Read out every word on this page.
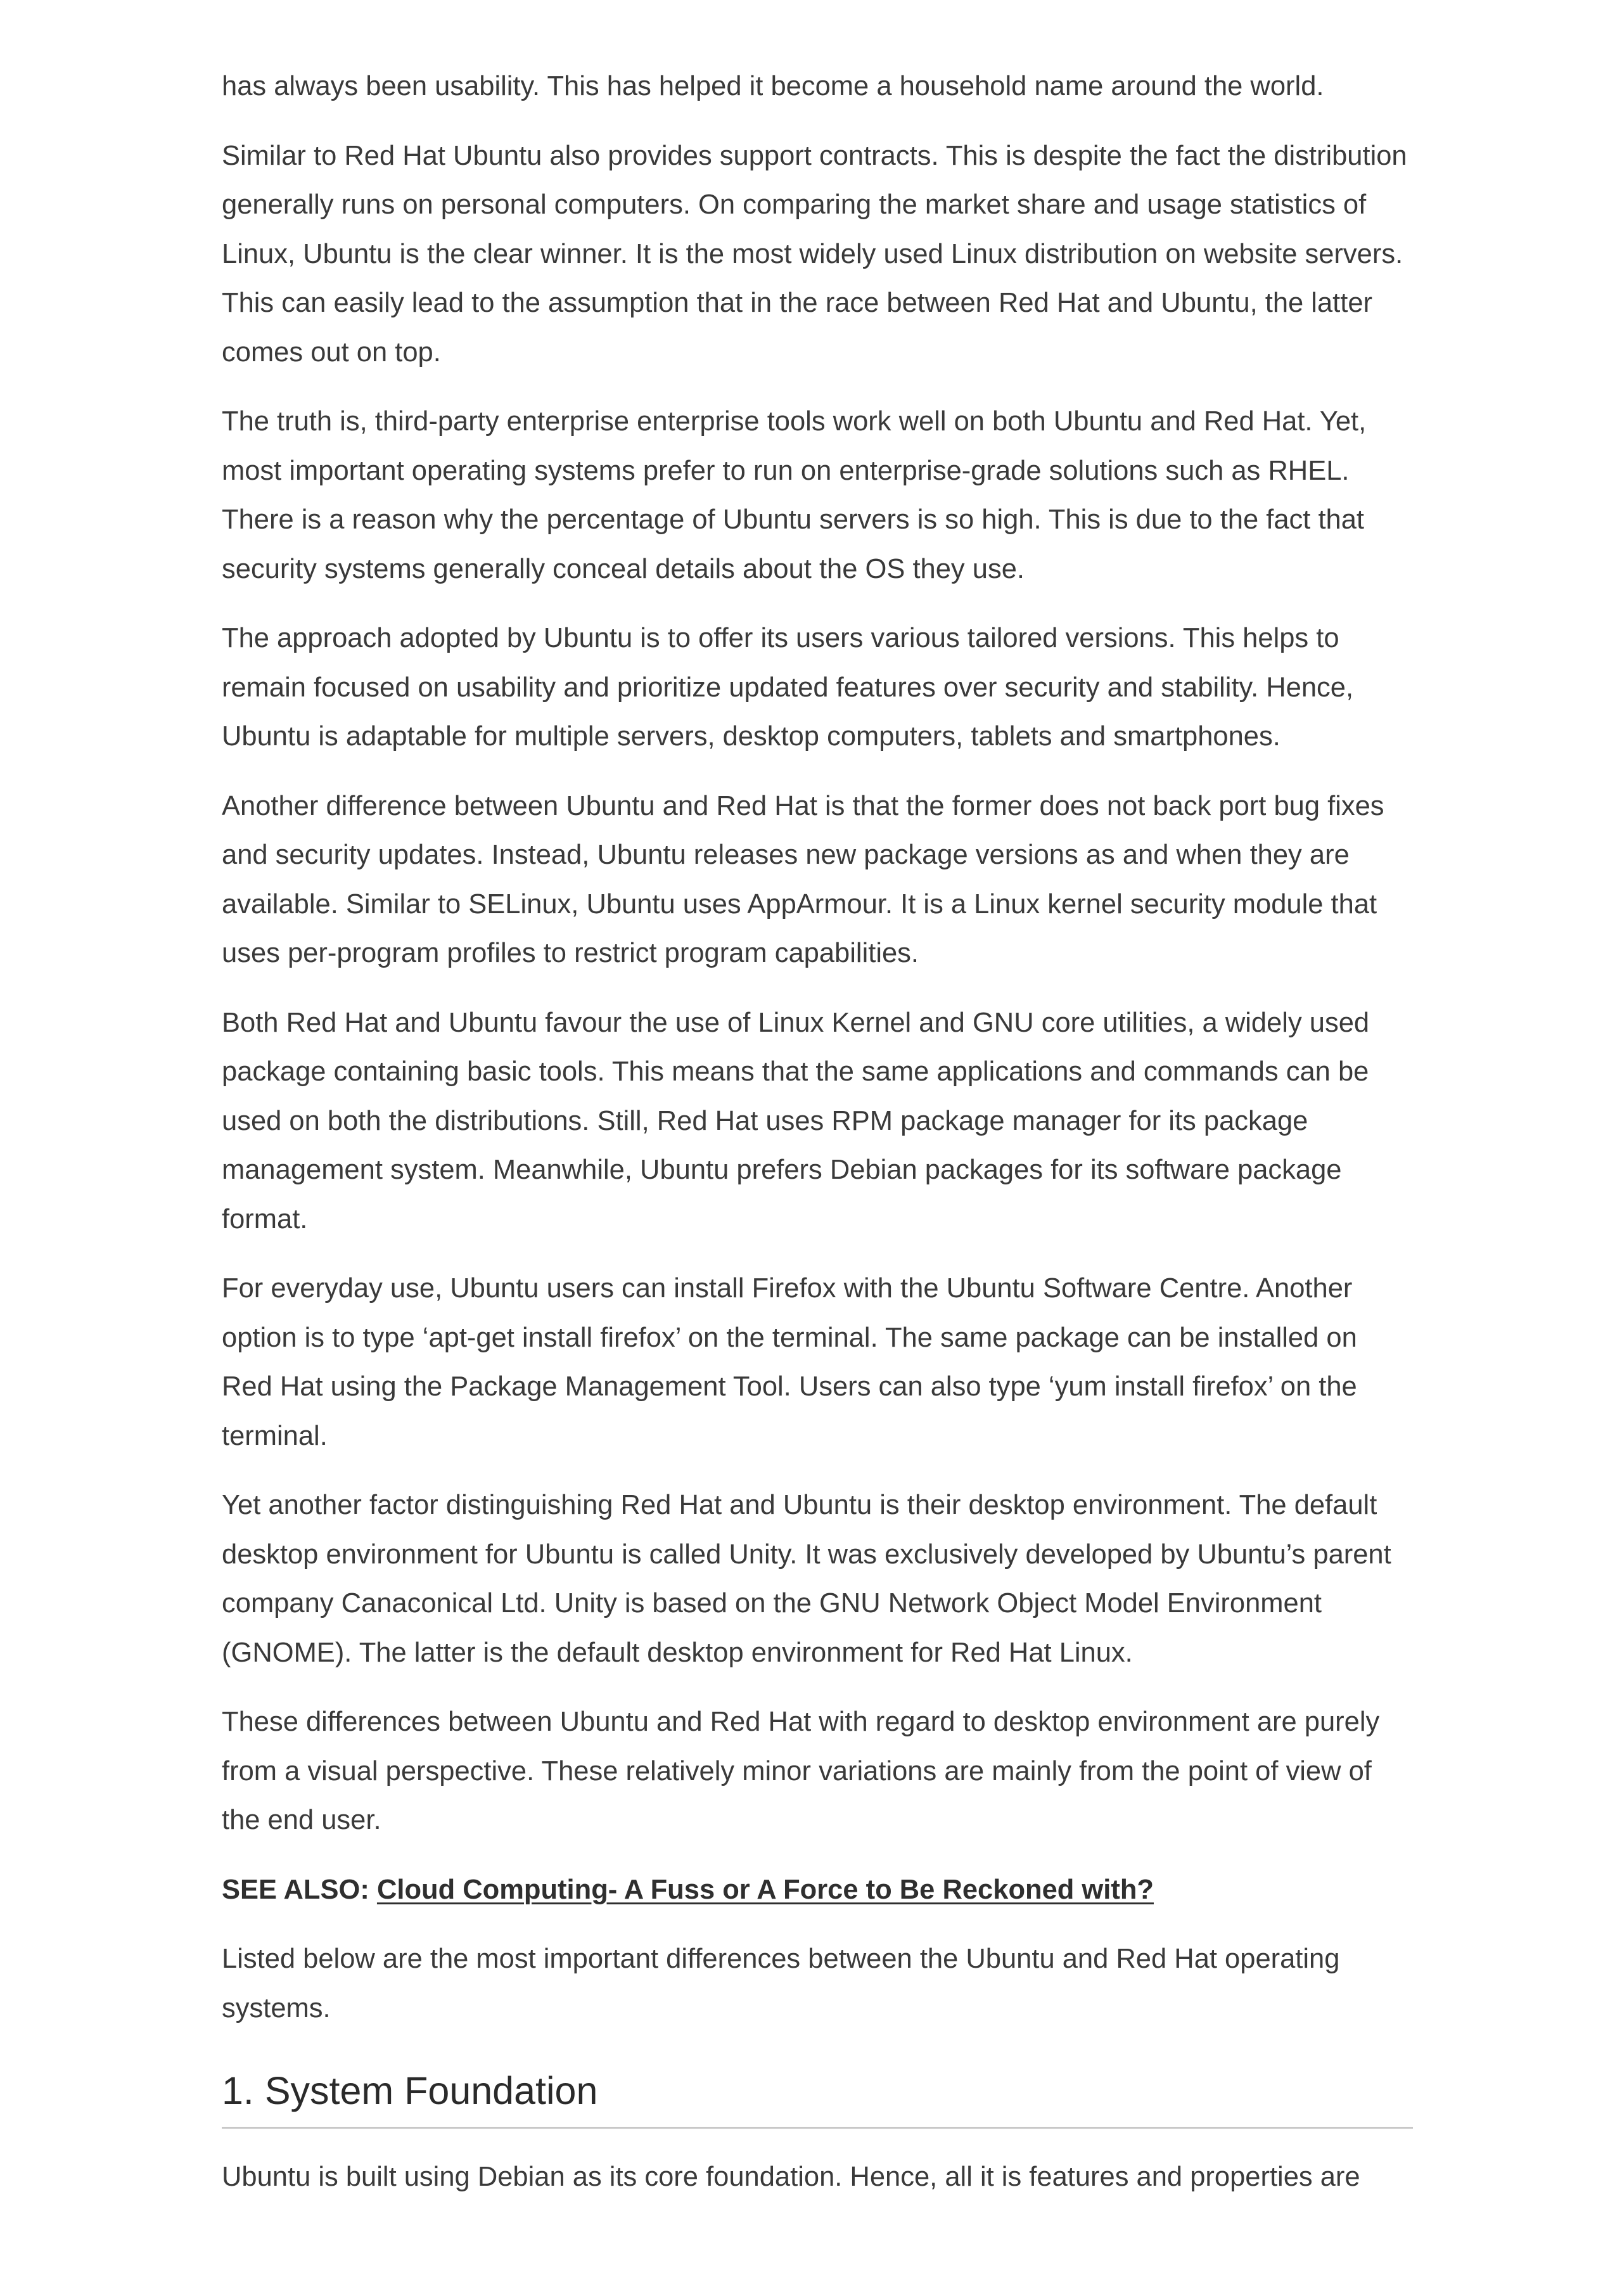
has always been usability. This has helped it become a household name around the world.

Similar to Red Hat Ubuntu also provides support contracts. This is despite the fact the distribution generally runs on personal computers. On comparing the market share and usage statistics of Linux, Ubuntu is the clear winner. It is the most widely used Linux distribution on website servers. This can easily lead to the assumption that in the race between Red Hat and Ubuntu, the latter comes out on top.

The truth is, third-party enterprise enterprise tools work well on both Ubuntu and Red Hat. Yet, most important operating systems prefer to run on enterprise-grade solutions such as RHEL. There is a reason why the percentage of Ubuntu servers is so high. This is due to the fact that security systems generally conceal details about the OS they use.

The approach adopted by Ubuntu is to offer its users various tailored versions. This helps to remain focused on usability and prioritize updated features over security and stability. Hence, Ubuntu is adaptable for multiple servers, desktop computers, tablets and smartphones.

Another difference between Ubuntu and Red Hat is that the former does not back port bug fixes and security updates. Instead, Ubuntu releases new package versions as and when they are available. Similar to SELinux, Ubuntu uses AppArmour. It is a Linux kernel security module that uses per-program profiles to restrict program capabilities.

Both Red Hat and Ubuntu favour the use of Linux Kernel and GNU core utilities, a widely used package containing basic tools. This means that the same applications and commands can be used on both the distributions. Still, Red Hat uses RPM package manager for its package management system. Meanwhile, Ubuntu prefers Debian packages for its software package format.

For everyday use, Ubuntu users can install Firefox with the Ubuntu Software Centre. Another option is to type ‘apt-get install firefox’ on the terminal. The same package can be installed on Red Hat using the Package Management Tool. Users can also type ‘yum install firefox’ on the terminal.

Yet another factor distinguishing Red Hat and Ubuntu is their desktop environment. The default desktop environment for Ubuntu is called Unity. It was exclusively developed by Ubuntu’s parent company Canaconical Ltd. Unity is based on the GNU Network Object Model Environment (GNOME). The latter is the default desktop environment for Red Hat Linux.

These differences between Ubuntu and Red Hat with regard to desktop environment are purely from a visual perspective. These relatively minor variations are mainly from the point of view of the end user.

SEE ALSO: Cloud Computing- A Fuss or A Force to Be Reckoned with?

Listed below are the most important differences between the Ubuntu and Red Hat operating systems.

1. System Foundation

Ubuntu is built using Debian as its core foundation. Hence, all it is features and properties are
